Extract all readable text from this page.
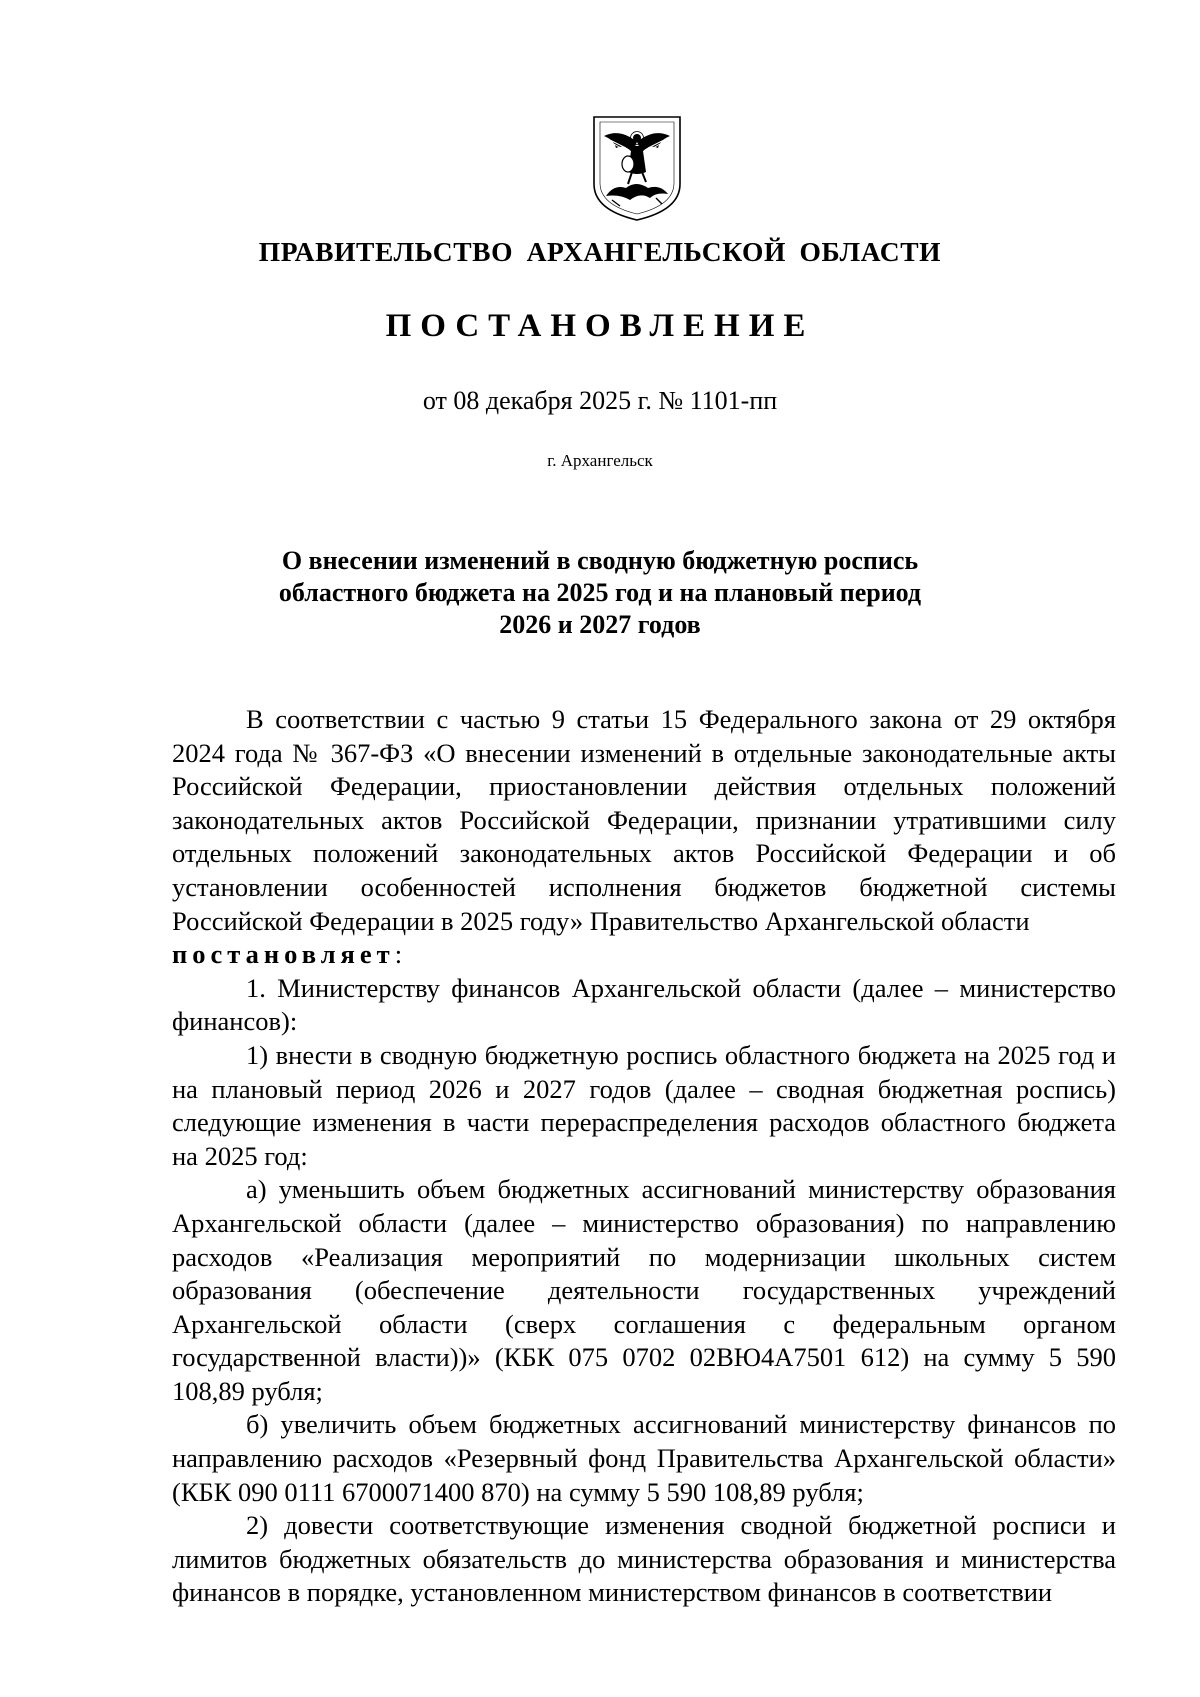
ПРАВИТЕЛЬСТВО АРХАНГЕЛЬСКОЙ ОБЛАСТИ

ПОСТАНОВЛЕНИЕ

от 08 декабря 2025 г. № 1101-пп

г. Архангельск

О внесении изменений в сводную бюджетную роспись
областного бюджета на 2025 год и на плановый период
2026 и 2027 годов

В соответствии с частью 9 статьи 15 Федерального закона от 29 октября 2024 года № 367-ФЗ «О внесении изменений в отдельные законодательные акты Российской Федерации, приостановлении действия отдельных положений законодательных актов Российской Федерации, признании утратившими силу отдельных положений законодательных актов Российской Федерации и об установлении особенностей исполнения бюджетов бюджетной системы Российской Федерации в 2025 году» Правительство Архангельской области
постановляет:

1. Министерству финансов Архангельской области (далее – министерство финансов):

1) внести в сводную бюджетную роспись областного бюджета на 2025 год и на плановый период 2026 и 2027 годов (далее – сводная бюджетная роспись) следующие изменения в части перераспределения расходов областного бюджета на 2025 год:

а) уменьшить объем бюджетных ассигнований министерству образования Архангельской области (далее – министерство образования) по направлению расходов «Реализация мероприятий по модернизации школьных систем образования (обеспечение деятельности государственных учреждений Архангельской области (сверх соглашения с федеральным органом государственной власти))» (КБК 075 0702 02ВЮ4А7501 612) на сумму 5 590 108,89 рубля;

б) увеличить объем бюджетных ассигнований министерству финансов по направлению расходов «Резервный фонд Правительства Архангельской области» (КБК 090 0111 6700071400 870) на сумму 5 590 108,89 рубля;

2) довести соответствующие изменения сводной бюджетной росписи и лимитов бюджетных обязательств до министерства образования и министерства финансов в порядке, установленном министерством финансов в соответствии
